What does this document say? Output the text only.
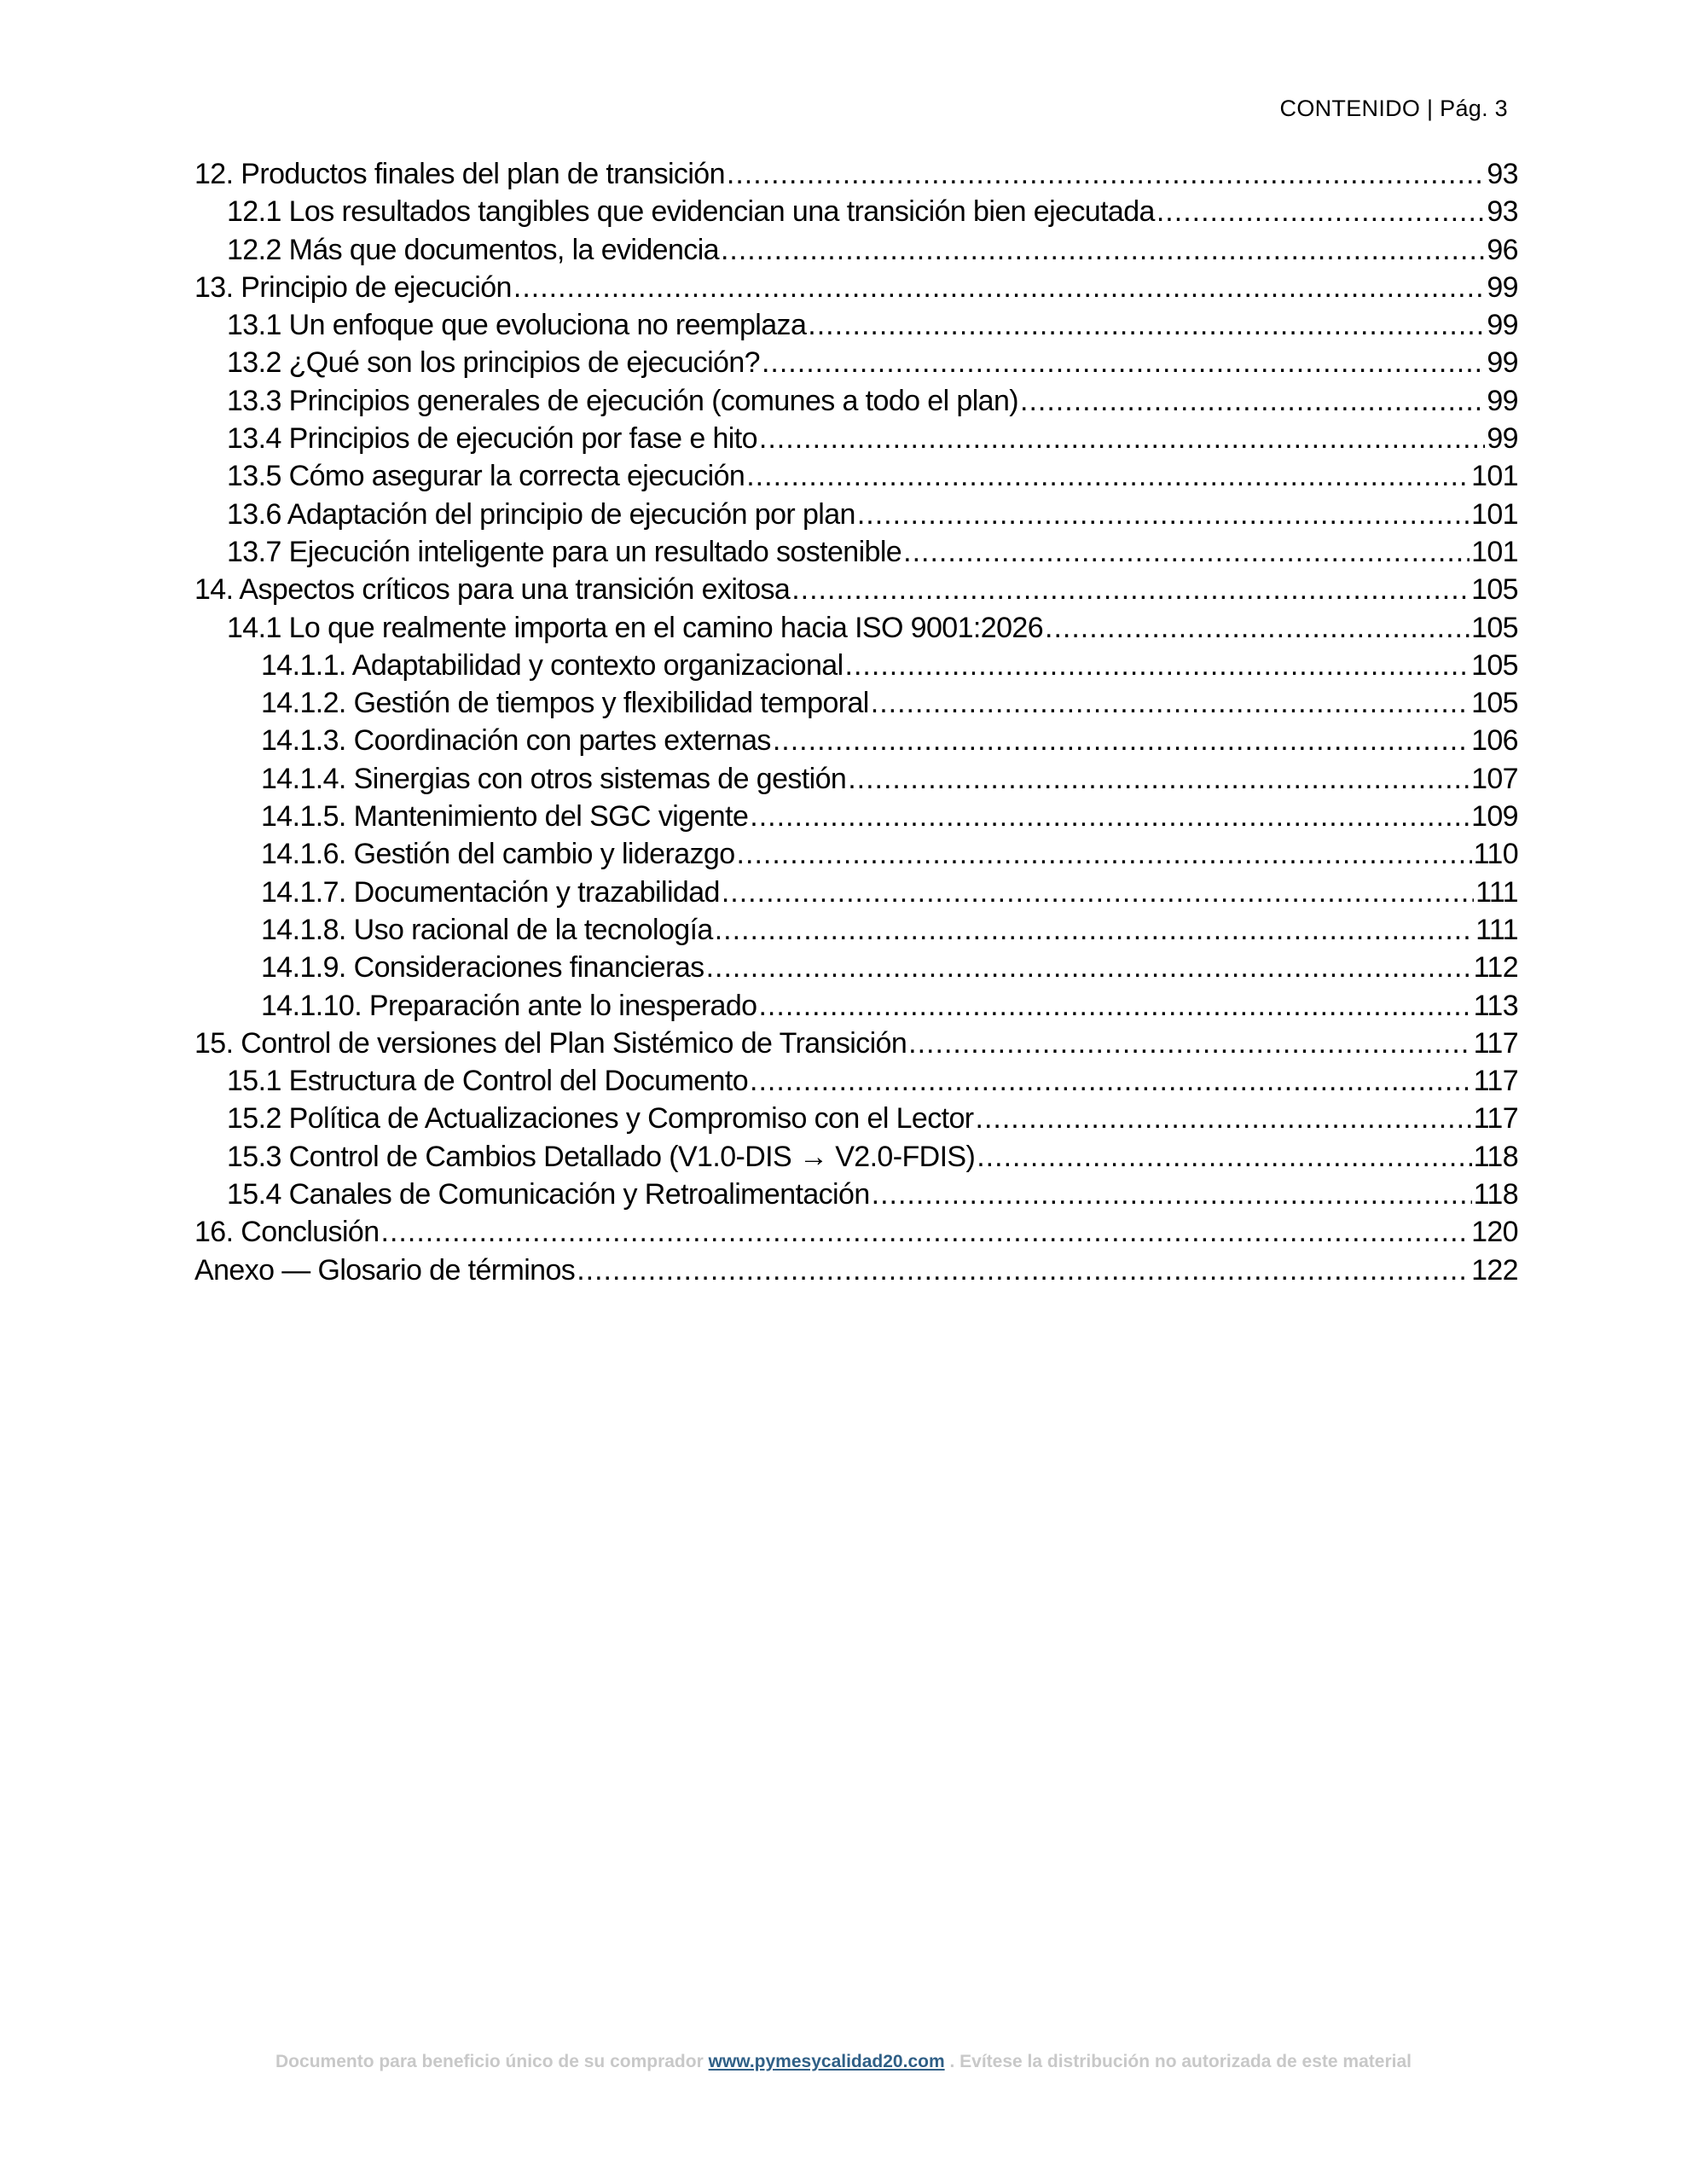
CONTENIDO | Pág. 3
12. Productos finales del plan de transición .....	93
12.1 Los resultados tangibles que evidencian una transición bien ejecutada .....	93
12.2 Más que documentos, la evidencia .....	96
13. Principio de ejecución .....	99
13.1 Un enfoque que evoluciona no reemplaza .....	99
13.2 ¿Qué son los principios de ejecución? .....	99
13.3 Principios generales de ejecución (comunes a todo el plan) .....	99
13.4 Principios de ejecución por fase e hito .....	99
13.5 Cómo asegurar la correcta ejecución .....	101
13.6 Adaptación del principio de ejecución por plan .....	101
13.7 Ejecución inteligente para un resultado sostenible .....	101
14. Aspectos críticos para una transición exitosa .....	105
14.1 Lo que realmente importa en el camino hacia ISO 9001:2026 .....	105
14.1.1. Adaptabilidad y contexto organizacional .....	105
14.1.2. Gestión de tiempos y flexibilidad temporal .....	105
14.1.3. Coordinación con partes externas .....	106
14.1.4. Sinergias con otros sistemas de gestión .....	107
14.1.5. Mantenimiento del SGC vigente .....	109
14.1.6. Gestión del cambio y liderazgo .....	110
14.1.7. Documentación y trazabilidad .....	111
14.1.8. Uso racional de la tecnología .....	111
14.1.9. Consideraciones financieras .....	112
14.1.10. Preparación ante lo inesperado .....	113
15. Control de versiones del Plan Sistémico de Transición .....	117
15.1 Estructura de Control del Documento .....	117
15.2 Política de Actualizaciones y Compromiso con el Lector .....	117
15.3 Control de Cambios Detallado (V1.0-DIS → V2.0-FDIS) .....	118
15.4 Canales de Comunicación y Retroalimentación .....	118
16. Conclusión .....	120
Anexo — Glosario de términos .....	122
Documento para beneficio único de su comprador www.pymesycalidad20.com . Evítese la distribución no autorizada de este material
